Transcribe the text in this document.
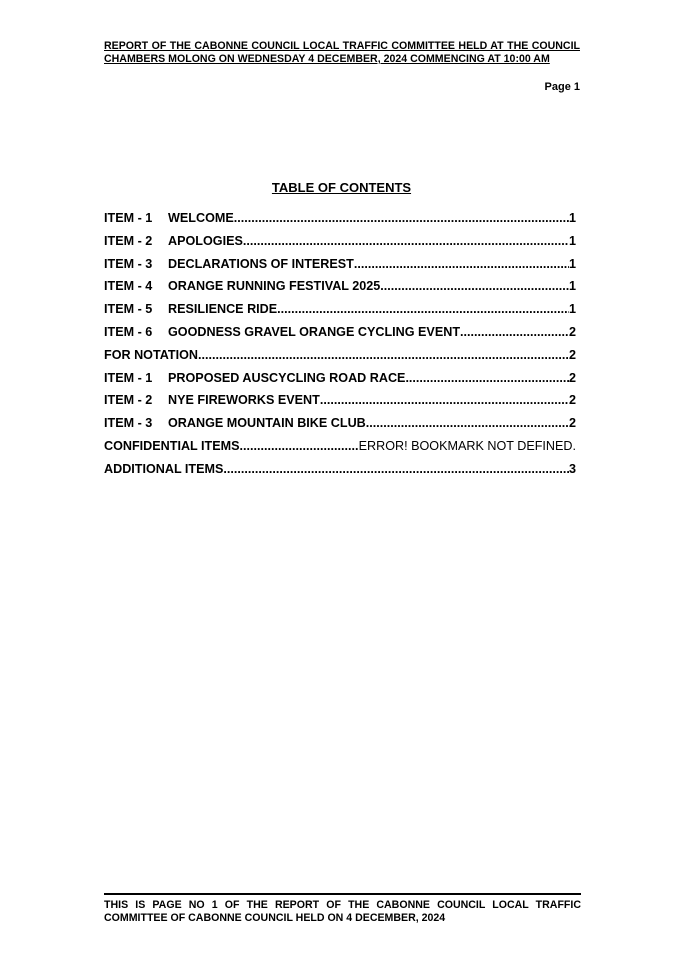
REPORT OF THE CABONNE COUNCIL LOCAL TRAFFIC COMMITTEE HELD AT THE COUNCIL CHAMBERS MOLONG ON WEDNESDAY 4 DECEMBER, 2024 COMMENCING AT 10:00 AM
Page 1
TABLE OF CONTENTS
ITEM - 1	WELCOME .....	1
ITEM - 2	APOLOGIES .....	1
ITEM - 3	DECLARATIONS OF INTEREST .....	1
ITEM - 4	ORANGE RUNNING FESTIVAL 2025 .....	1
ITEM - 5	RESILIENCE RIDE .....	1
ITEM - 6	GOODNESS GRAVEL ORANGE CYCLING EVENT .....	2
FOR NOTATION .....	2
ITEM - 1	PROPOSED AUSCYCLING ROAD RACE .....	2
ITEM - 2	NYE FIREWORKS EVENT .....	2
ITEM - 3	ORANGE MOUNTAIN BIKE CLUB .....	2
CONFIDENTIAL ITEMS .....	ERROR! BOOKMARK NOT DEFINED.
ADDITIONAL ITEMS .....	3
THIS IS PAGE NO 1 OF THE REPORT OF THE CABONNE COUNCIL LOCAL TRAFFIC COMMITTEE OF CABONNE COUNCIL HELD ON 4 DECEMBER, 2024
